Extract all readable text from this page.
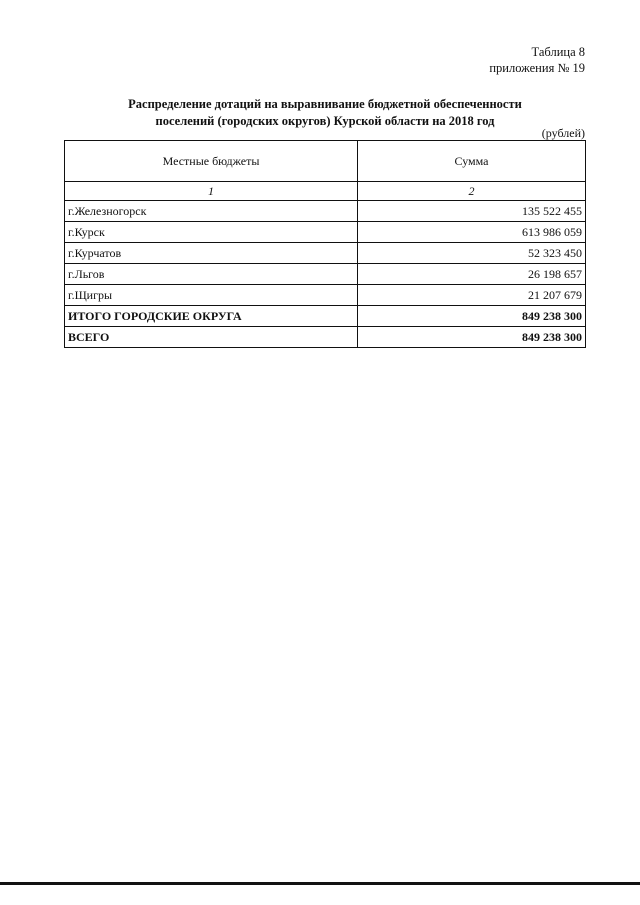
Таблица 8
приложения № 19
Распределение дотаций на выравнивание бюджетной обеспеченности
поселений (городских округов) Курской области на 2018 год
(рублей)
Местные бюджеты	Сумма
1	2
г.Железногорск	135 522 455
г.Курск	613 986 059
г.Курчатов	52 323 450
г.Льгов	26 198 657
г.Щигры	21 207 679
ИТОГО ГОРОДСКИЕ ОКРУГА	849 238 300
ВСЕГО	849 238 300
